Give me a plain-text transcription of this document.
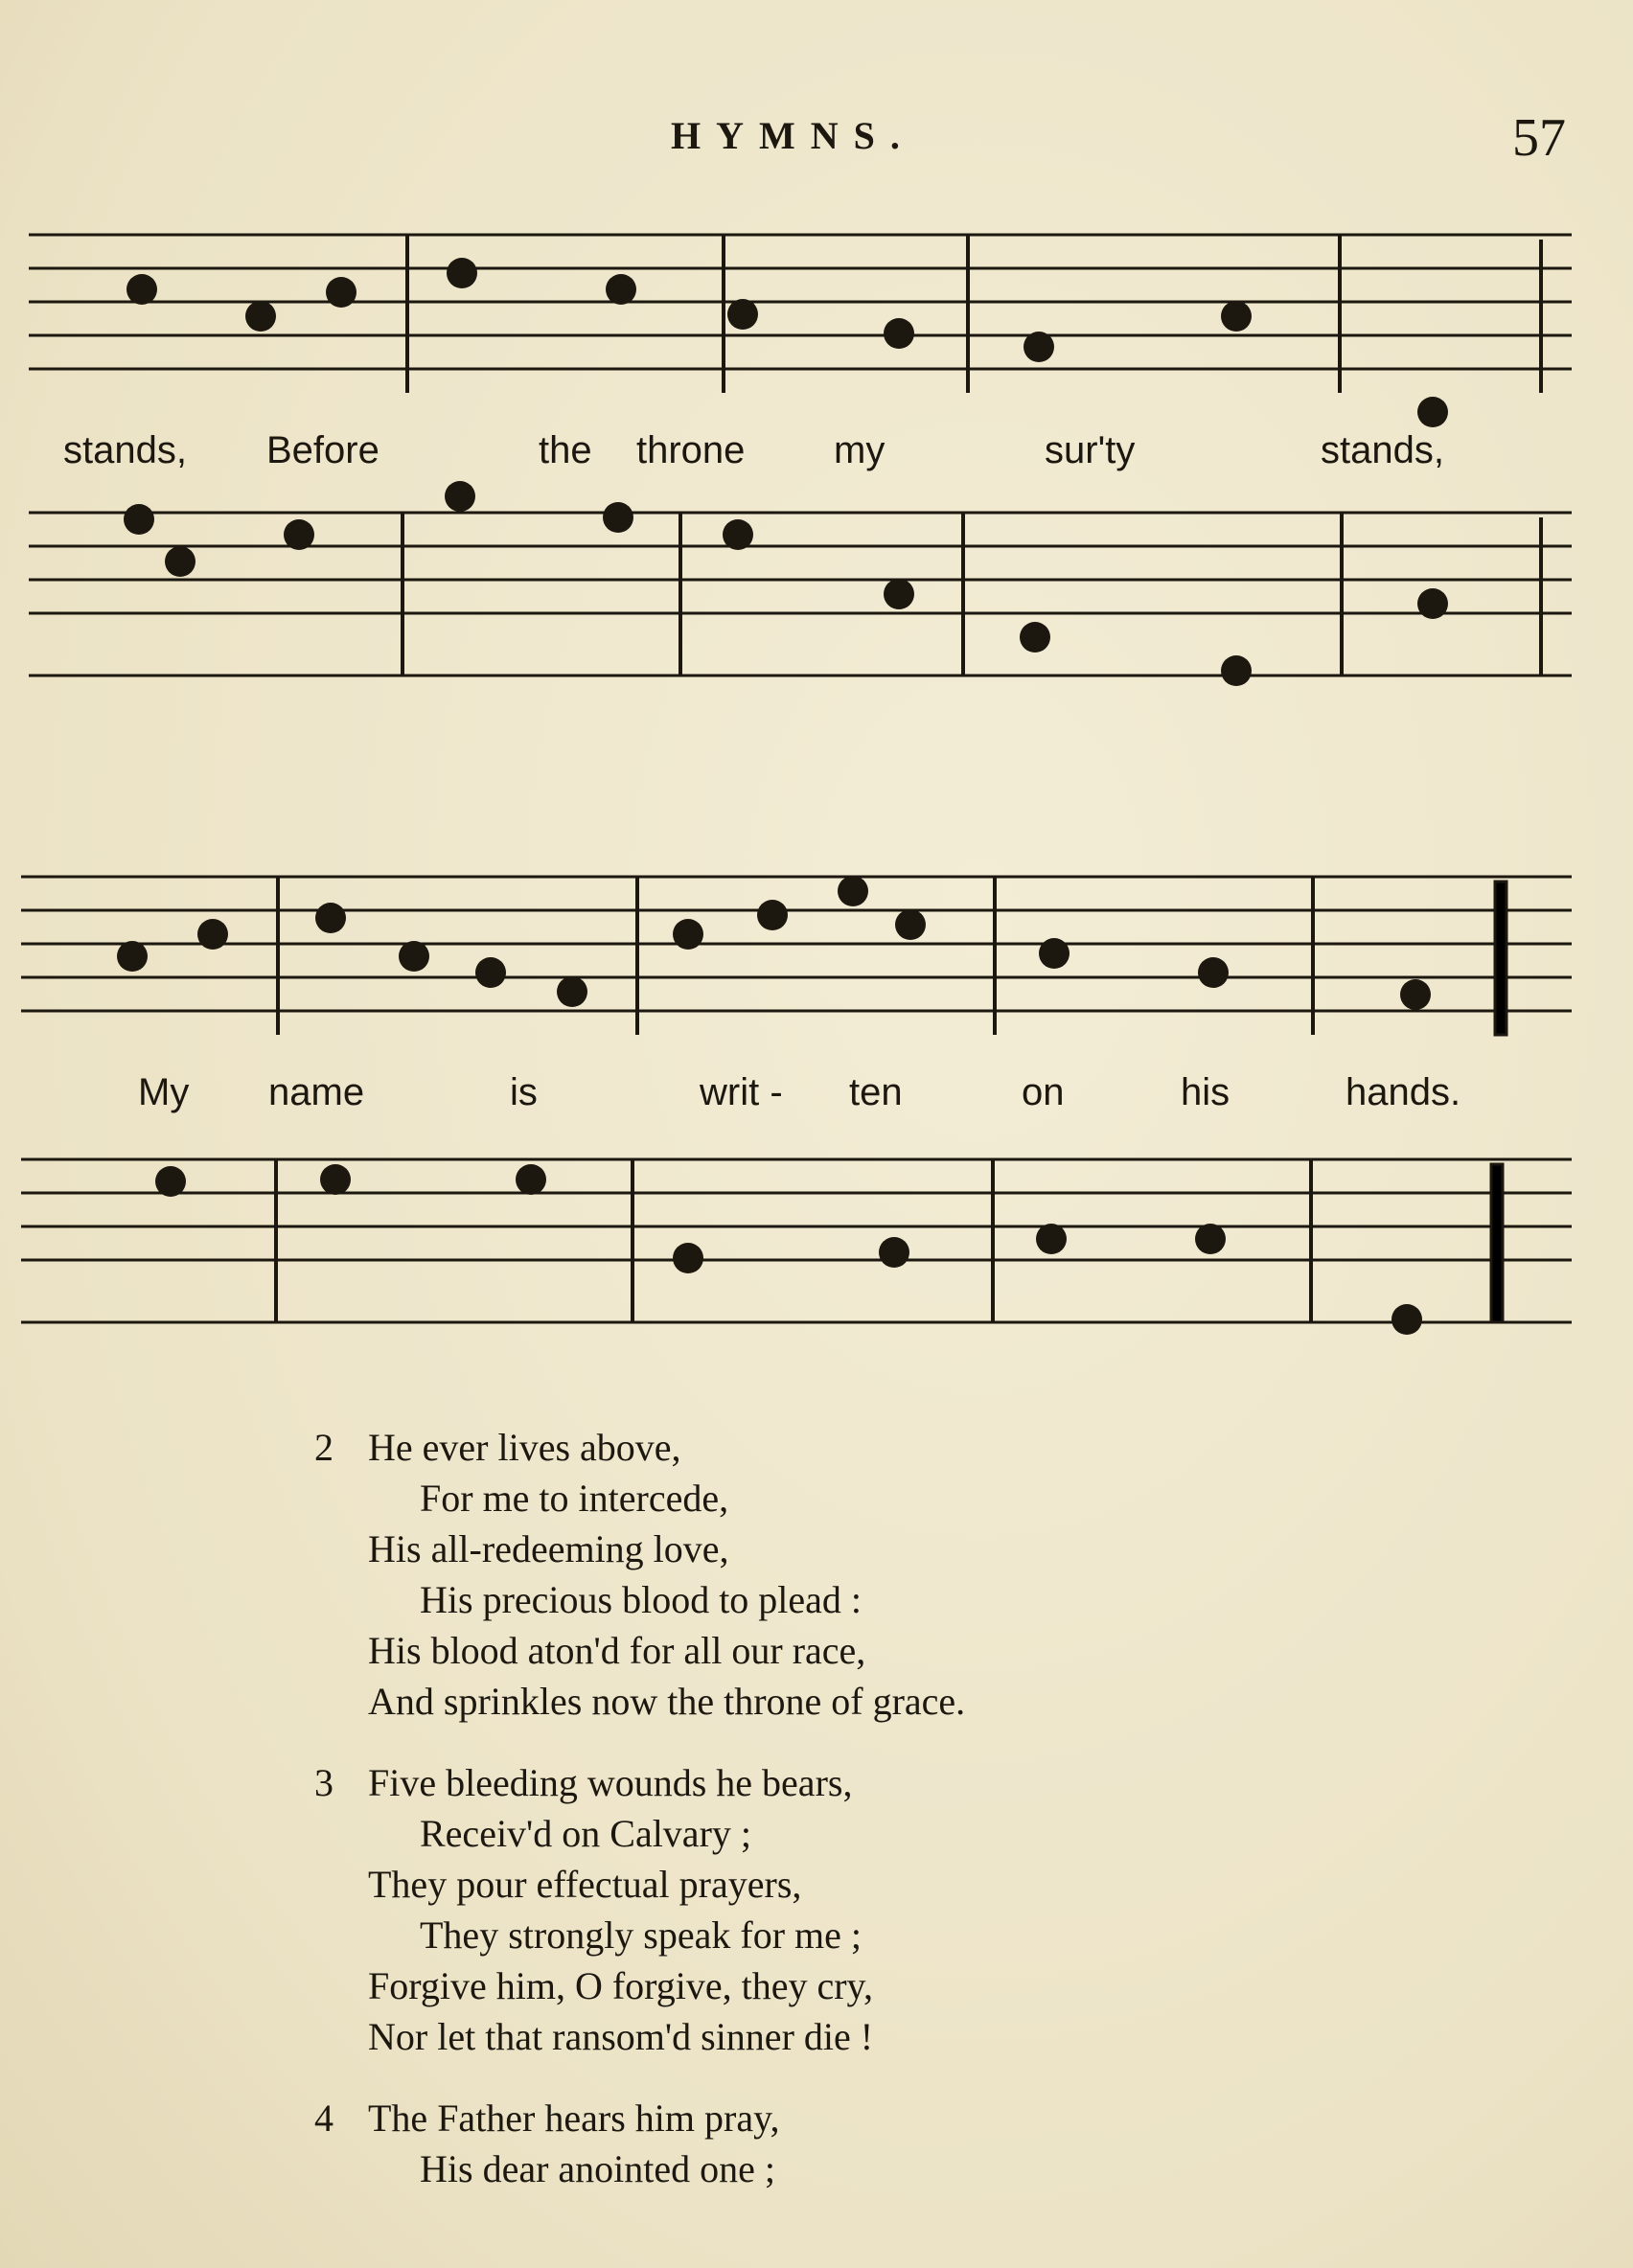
HYMNS.	57
stands, Before	the throne my	sur'ty	stands,
My name	is	writ - ten	on	his	hands.
2 He ever lives above,
For me to intercede,
His all-redeeming love,
His precious blood to plead :
His blood aton'd for all our race,
And sprinkles now the throne of grace.
3 Five bleeding wounds he bears,
Receiv'd on Calvary ;
They pour effectual prayers,
They strongly speak for me ;
Forgive him, O forgive, they cry,
Nor let that ransom'd sinner die !
4 The Father hears him pray,
His dear anointed one ;
